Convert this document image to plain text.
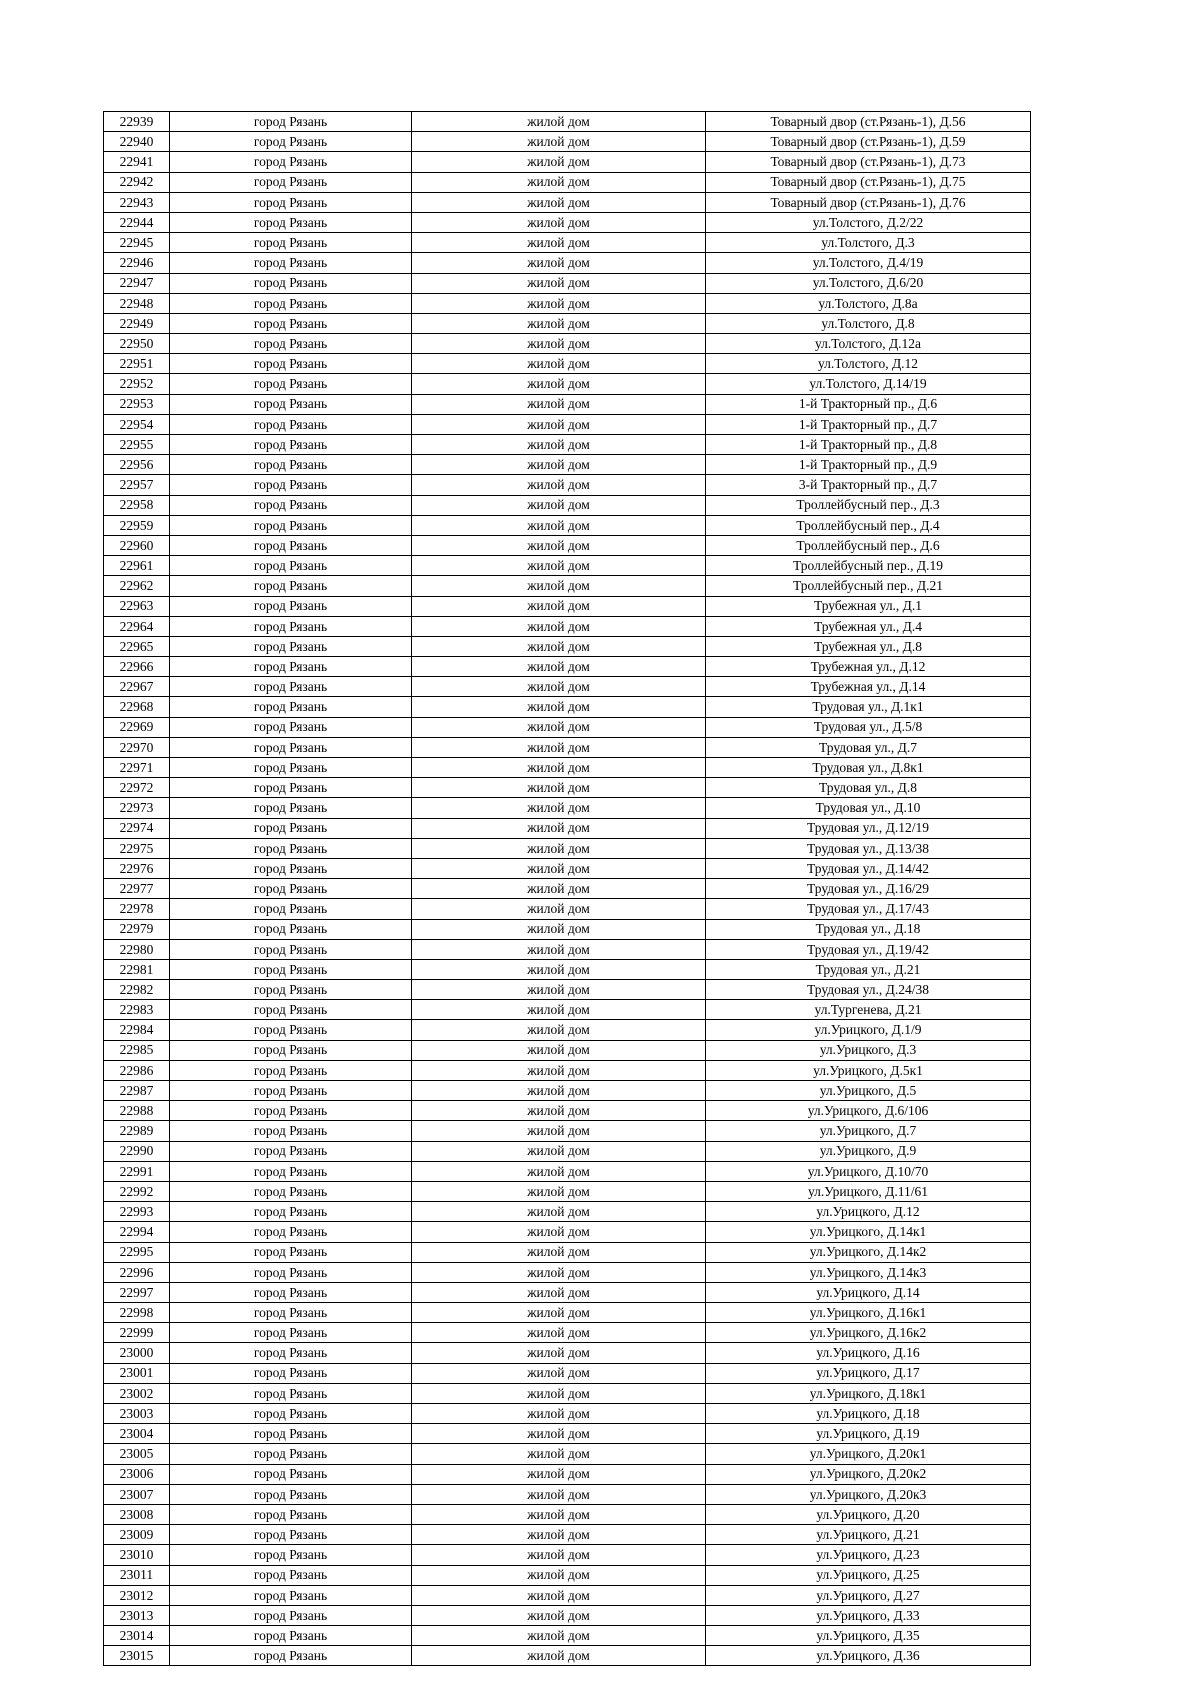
22939	город Рязань	жилой дом	Товарный двор (ст.Рязань-1), Д.56
22940	город Рязань	жилой дом	Товарный двор (ст.Рязань-1), Д.59
22941	город Рязань	жилой дом	Товарный двор (ст.Рязань-1), Д.73
22942	город Рязань	жилой дом	Товарный двор (ст.Рязань-1), Д.75
22943	город Рязань	жилой дом	Товарный двор (ст.Рязань-1), Д.76
22944	город Рязань	жилой дом	ул.Толстого, Д.2/22
22945	город Рязань	жилой дом	ул.Толстого, Д.3
22946	город Рязань	жилой дом	ул.Толстого, Д.4/19
22947	город Рязань	жилой дом	ул.Толстого, Д.6/20
22948	город Рязань	жилой дом	ул.Толстого, Д.8а
22949	город Рязань	жилой дом	ул.Толстого, Д.8
22950	город Рязань	жилой дом	ул.Толстого, Д.12а
22951	город Рязань	жилой дом	ул.Толстого, Д.12
22952	город Рязань	жилой дом	ул.Толстого, Д.14/19
22953	город Рязань	жилой дом	1-й Тракторный пр., Д.6
22954	город Рязань	жилой дом	1-й Тракторный пр., Д.7
22955	город Рязань	жилой дом	1-й Тракторный пр., Д.8
22956	город Рязань	жилой дом	1-й Тракторный пр., Д.9
22957	город Рязань	жилой дом	3-й Тракторный пр., Д.7
22958	город Рязань	жилой дом	Троллейбусный пер., Д.3
22959	город Рязань	жилой дом	Троллейбусный пер., Д.4
22960	город Рязань	жилой дом	Троллейбусный пер., Д.6
22961	город Рязань	жилой дом	Троллейбусный пер., Д.19
22962	город Рязань	жилой дом	Троллейбусный пер., Д.21
22963	город Рязань	жилой дом	Трубежная ул., Д.1
22964	город Рязань	жилой дом	Трубежная ул., Д.4
22965	город Рязань	жилой дом	Трубежная ул., Д.8
22966	город Рязань	жилой дом	Трубежная ул., Д.12
22967	город Рязань	жилой дом	Трубежная ул., Д.14
22968	город Рязань	жилой дом	Трудовая ул., Д.1к1
22969	город Рязань	жилой дом	Трудовая ул., Д.5/8
22970	город Рязань	жилой дом	Трудовая ул., Д.7
22971	город Рязань	жилой дом	Трудовая ул., Д.8к1
22972	город Рязань	жилой дом	Трудовая ул., Д.8
22973	город Рязань	жилой дом	Трудовая ул., Д.10
22974	город Рязань	жилой дом	Трудовая ул., Д.12/19
22975	город Рязань	жилой дом	Трудовая ул., Д.13/38
22976	город Рязань	жилой дом	Трудовая ул., Д.14/42
22977	город Рязань	жилой дом	Трудовая ул., Д.16/29
22978	город Рязань	жилой дом	Трудовая ул., Д.17/43
22979	город Рязань	жилой дом	Трудовая ул., Д.18
22980	город Рязань	жилой дом	Трудовая ул., Д.19/42
22981	город Рязань	жилой дом	Трудовая ул., Д.21
22982	город Рязань	жилой дом	Трудовая ул., Д.24/38
22983	город Рязань	жилой дом	ул.Тургенева, Д.21
22984	город Рязань	жилой дом	ул.Урицкого, Д.1/9
22985	город Рязань	жилой дом	ул.Урицкого, Д.3
22986	город Рязань	жилой дом	ул.Урицкого, Д.5к1
22987	город Рязань	жилой дом	ул.Урицкого, Д.5
22988	город Рязань	жилой дом	ул.Урицкого, Д.6/106
22989	город Рязань	жилой дом	ул.Урицкого, Д.7
22990	город Рязань	жилой дом	ул.Урицкого, Д.9
22991	город Рязань	жилой дом	ул.Урицкого, Д.10/70
22992	город Рязань	жилой дом	ул.Урицкого, Д.11/61
22993	город Рязань	жилой дом	ул.Урицкого, Д.12
22994	город Рязань	жилой дом	ул.Урицкого, Д.14к1
22995	город Рязань	жилой дом	ул.Урицкого, Д.14к2
22996	город Рязань	жилой дом	ул.Урицкого, Д.14к3
22997	город Рязань	жилой дом	ул.Урицкого, Д.14
22998	город Рязань	жилой дом	ул.Урицкого, Д.16к1
22999	город Рязань	жилой дом	ул.Урицкого, Д.16к2
23000	город Рязань	жилой дом	ул.Урицкого, Д.16
23001	город Рязань	жилой дом	ул.Урицкого, Д.17
23002	город Рязань	жилой дом	ул.Урицкого, Д.18к1
23003	город Рязань	жилой дом	ул.Урицкого, Д.18
23004	город Рязань	жилой дом	ул.Урицкого, Д.19
23005	город Рязань	жилой дом	ул.Урицкого, Д.20к1
23006	город Рязань	жилой дом	ул.Урицкого, Д.20к2
23007	город Рязань	жилой дом	ул.Урицкого, Д.20к3
23008	город Рязань	жилой дом	ул.Урицкого, Д.20
23009	город Рязань	жилой дом	ул.Урицкого, Д.21
23010	город Рязань	жилой дом	ул.Урицкого, Д.23
23011	город Рязань	жилой дом	ул.Урицкого, Д.25
23012	город Рязань	жилой дом	ул.Урицкого, Д.27
23013	город Рязань	жилой дом	ул.Урицкого, Д.33
23014	город Рязань	жилой дом	ул.Урицкого, Д.35
23015	город Рязань	жилой дом	ул.Урицкого, Д.36
